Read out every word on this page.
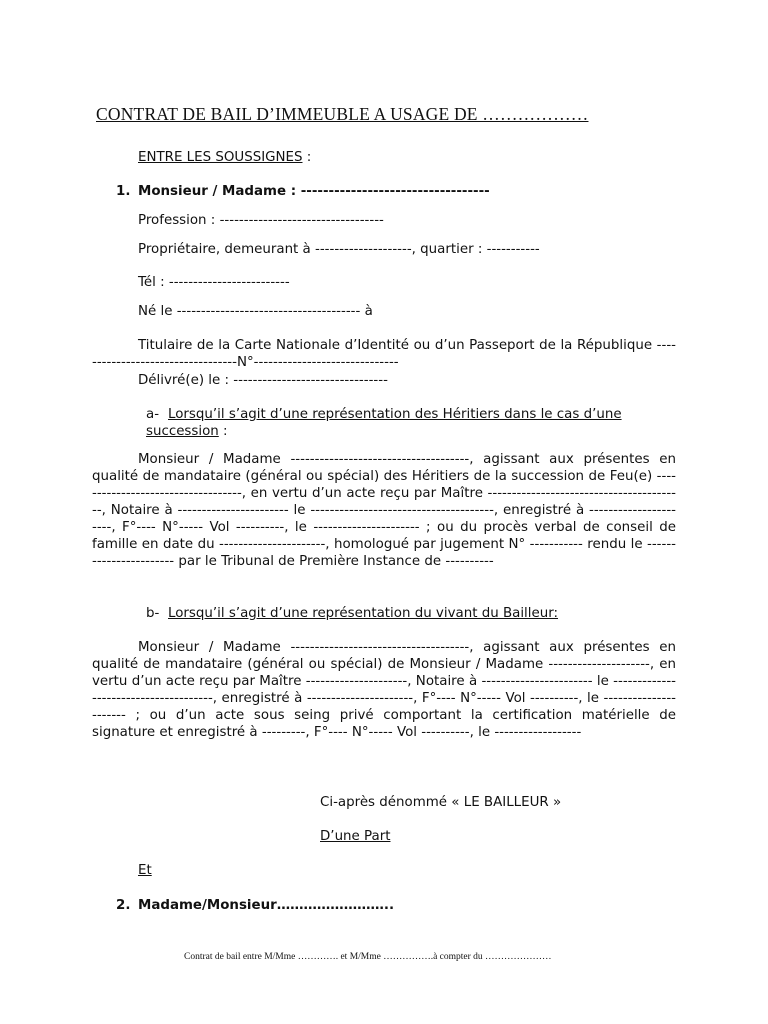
CONTRAT DE BAIL D’IMMEUBLE A USAGE DE ………………
ENTRE LES SOUSSIGNES :
1. Monsieur / Madame : ----------------------------------
Profession : ----------------------------------
Propriétaire, demeurant à --------------------, quartier : -----------
Tél : -------------------------
Né le -------------------------------------- à
Titulaire de la Carte Nationale d’Identité ou d’un Passeport de la République ----------------------------------N°------------------------------
Délivré(e) le : --------------------------------
a- Lorsqu’il s’agit d’une représentation des Héritiers dans le cas d’une succession :
Monsieur / Madame -------------------------------------, agissant aux présentes en qualité de mandataire (général ou spécial) des Héritiers de la succession de Feu(e) -----------------------------------, en vertu d’un acte reçu par Maître -----------------------------------------, Notaire à ----------------------- le --------------------------------------, enregistré à ----------------------, F°---- N°----- Vol ----------, le ---------------------- ; ou du procès verbal de conseil de famille en date du ----------------------, homologué par jugement N° ----------- rendu le ----------------------- par le Tribunal de Première Instance de ----------
b- Lorsqu’il s’agit d’une représentation du vivant du Bailleur:
Monsieur / Madame -------------------------------------, agissant aux présentes en qualité de mandataire (général ou spécial) de Monsieur / Madame ---------------------, en vertu d’un acte reçu par Maître ---------------------, Notaire à ----------------------- le --------------------------------------, enregistré à ----------------------, F°---- N°----- Vol ----------, le ---------------------- ; ou d’un acte sous seing privé comportant la certification matérielle de signature et enregistré à ---------, F°---- N°----- Vol ----------, le ------------------
Ci-après dénommé « LE BAILLEUR »
D’une Part
Et
2. Madame/Monsieur……………………..
Contrat de bail entre M/Mme …………. et M/Mme …………….à compter du …………………
